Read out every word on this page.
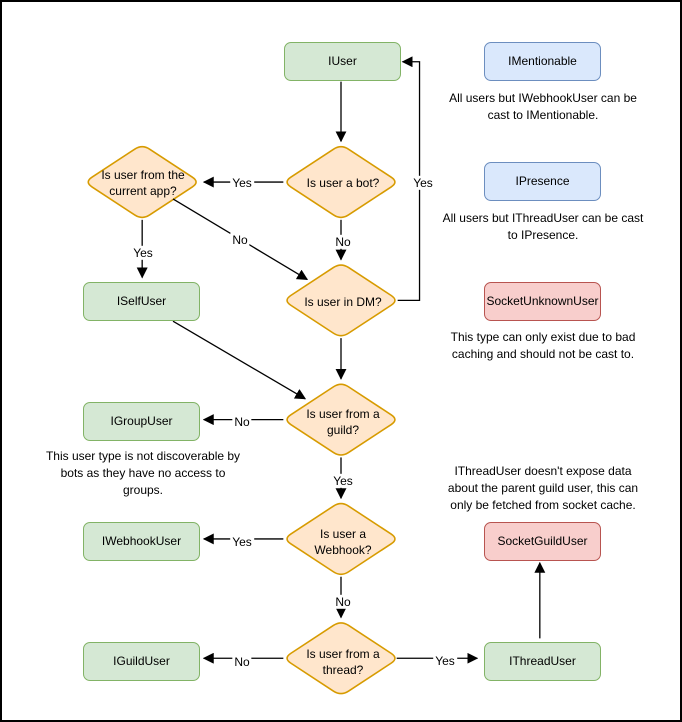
IUser	IMentionable
IPresence
SocketUnknownUser
ISelfUser
IGroupUser
IWebhookUser	SocketGuildUser
IGuildUser	IThreadUser
Is user from the current app?
Is user a bot?
Is user in DM?
Is user from a guild?
Is user a Webhook?
Is user from a thread?
Yes
No
Yes
No
Yes
No
Yes
Yes
No
No	Yes
All users but IWebhookUser can be cast to IMentionable.
All users but IThreadUser can be cast to IPresence.
This type can only exist due to bad caching and should not be cast to.
This user type is not discoverable by bots as they have no access to groups.
IThreadUser doesn't expose data about the parent guild user, this can only be fetched from socket cache.
